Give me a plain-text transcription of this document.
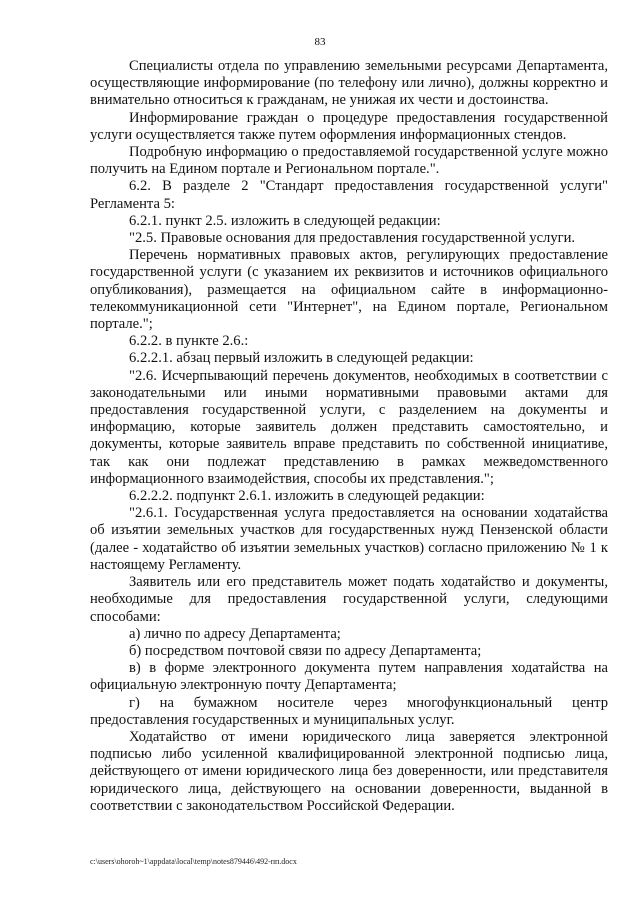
83

Специалисты отдела по управлению земельными ресурсами Департамента, осуществляющие информирование (по телефону или лично), должны корректно и внимательно относиться к гражданам, не унижая их чести и достоинства.

Информирование граждан о процедуре предоставления государственной услуги осуществляется также путем оформления информационных стендов.

Подробную информацию о предоставляемой государственной услуге можно получить на Едином портале и Региональном портале.".

6.2. В разделе 2 "Стандарт предоставления государственной услуги" Регламента 5:

6.2.1. пункт 2.5. изложить в следующей редакции:

"2.5. Правовые основания для предоставления государственной услуги.

Перечень нормативных правовых актов, регулирующих предоставление государственной услуги (с указанием их реквизитов и источников официального опубликования), размещается на официальном сайте в информационно-телекоммуникационной сети "Интернет", на Едином портале, Региональном портале.";

6.2.2. в пункте 2.6.:

6.2.2.1. абзац первый изложить в следующей редакции:

"2.6. Исчерпывающий перечень документов, необходимых в соответствии с законодательными или иными нормативными правовыми актами для предоставления государственной услуги, с разделением на документы и информацию, которые заявитель должен представить самостоятельно, и документы, которые заявитель вправе представить по собственной инициативе, так как они подлежат представлению в рамках межведомственного информационного взаимодействия, способы их представления.";

6.2.2.2. подпункт 2.6.1. изложить в следующей редакции:

"2.6.1. Государственная услуга предоставляется на основании ходатайства об изъятии земельных участков для государственных нужд Пензенской области (далее - ходатайство об изъятии земельных участков) согласно приложению № 1 к настоящему Регламенту.

Заявитель или его представитель может подать ходатайство и документы, необходимые для предоставления государственной услуги, следующими способами:

а) лично по адресу Департамента;

б) посредством почтовой связи по адресу Департамента;

в) в форме электронного документа путем направления ходатайства на официальную электронную почту Департамента;

г) на бумажном носителе через многофункциональный центр предоставления государственных и муниципальных услуг.

Ходатайство от имени юридического лица заверяется электронной подписью либо усиленной квалифицированной электронной подписью лица, действующего от имени юридического лица без доверенности, или представителя юридического лица, действующего на основании доверенности, выданной в соответствии с законодательством Российской Федерации.

c:\users\ohoroh~1\appdata\local\temp\notes879446\492-пп.docx
